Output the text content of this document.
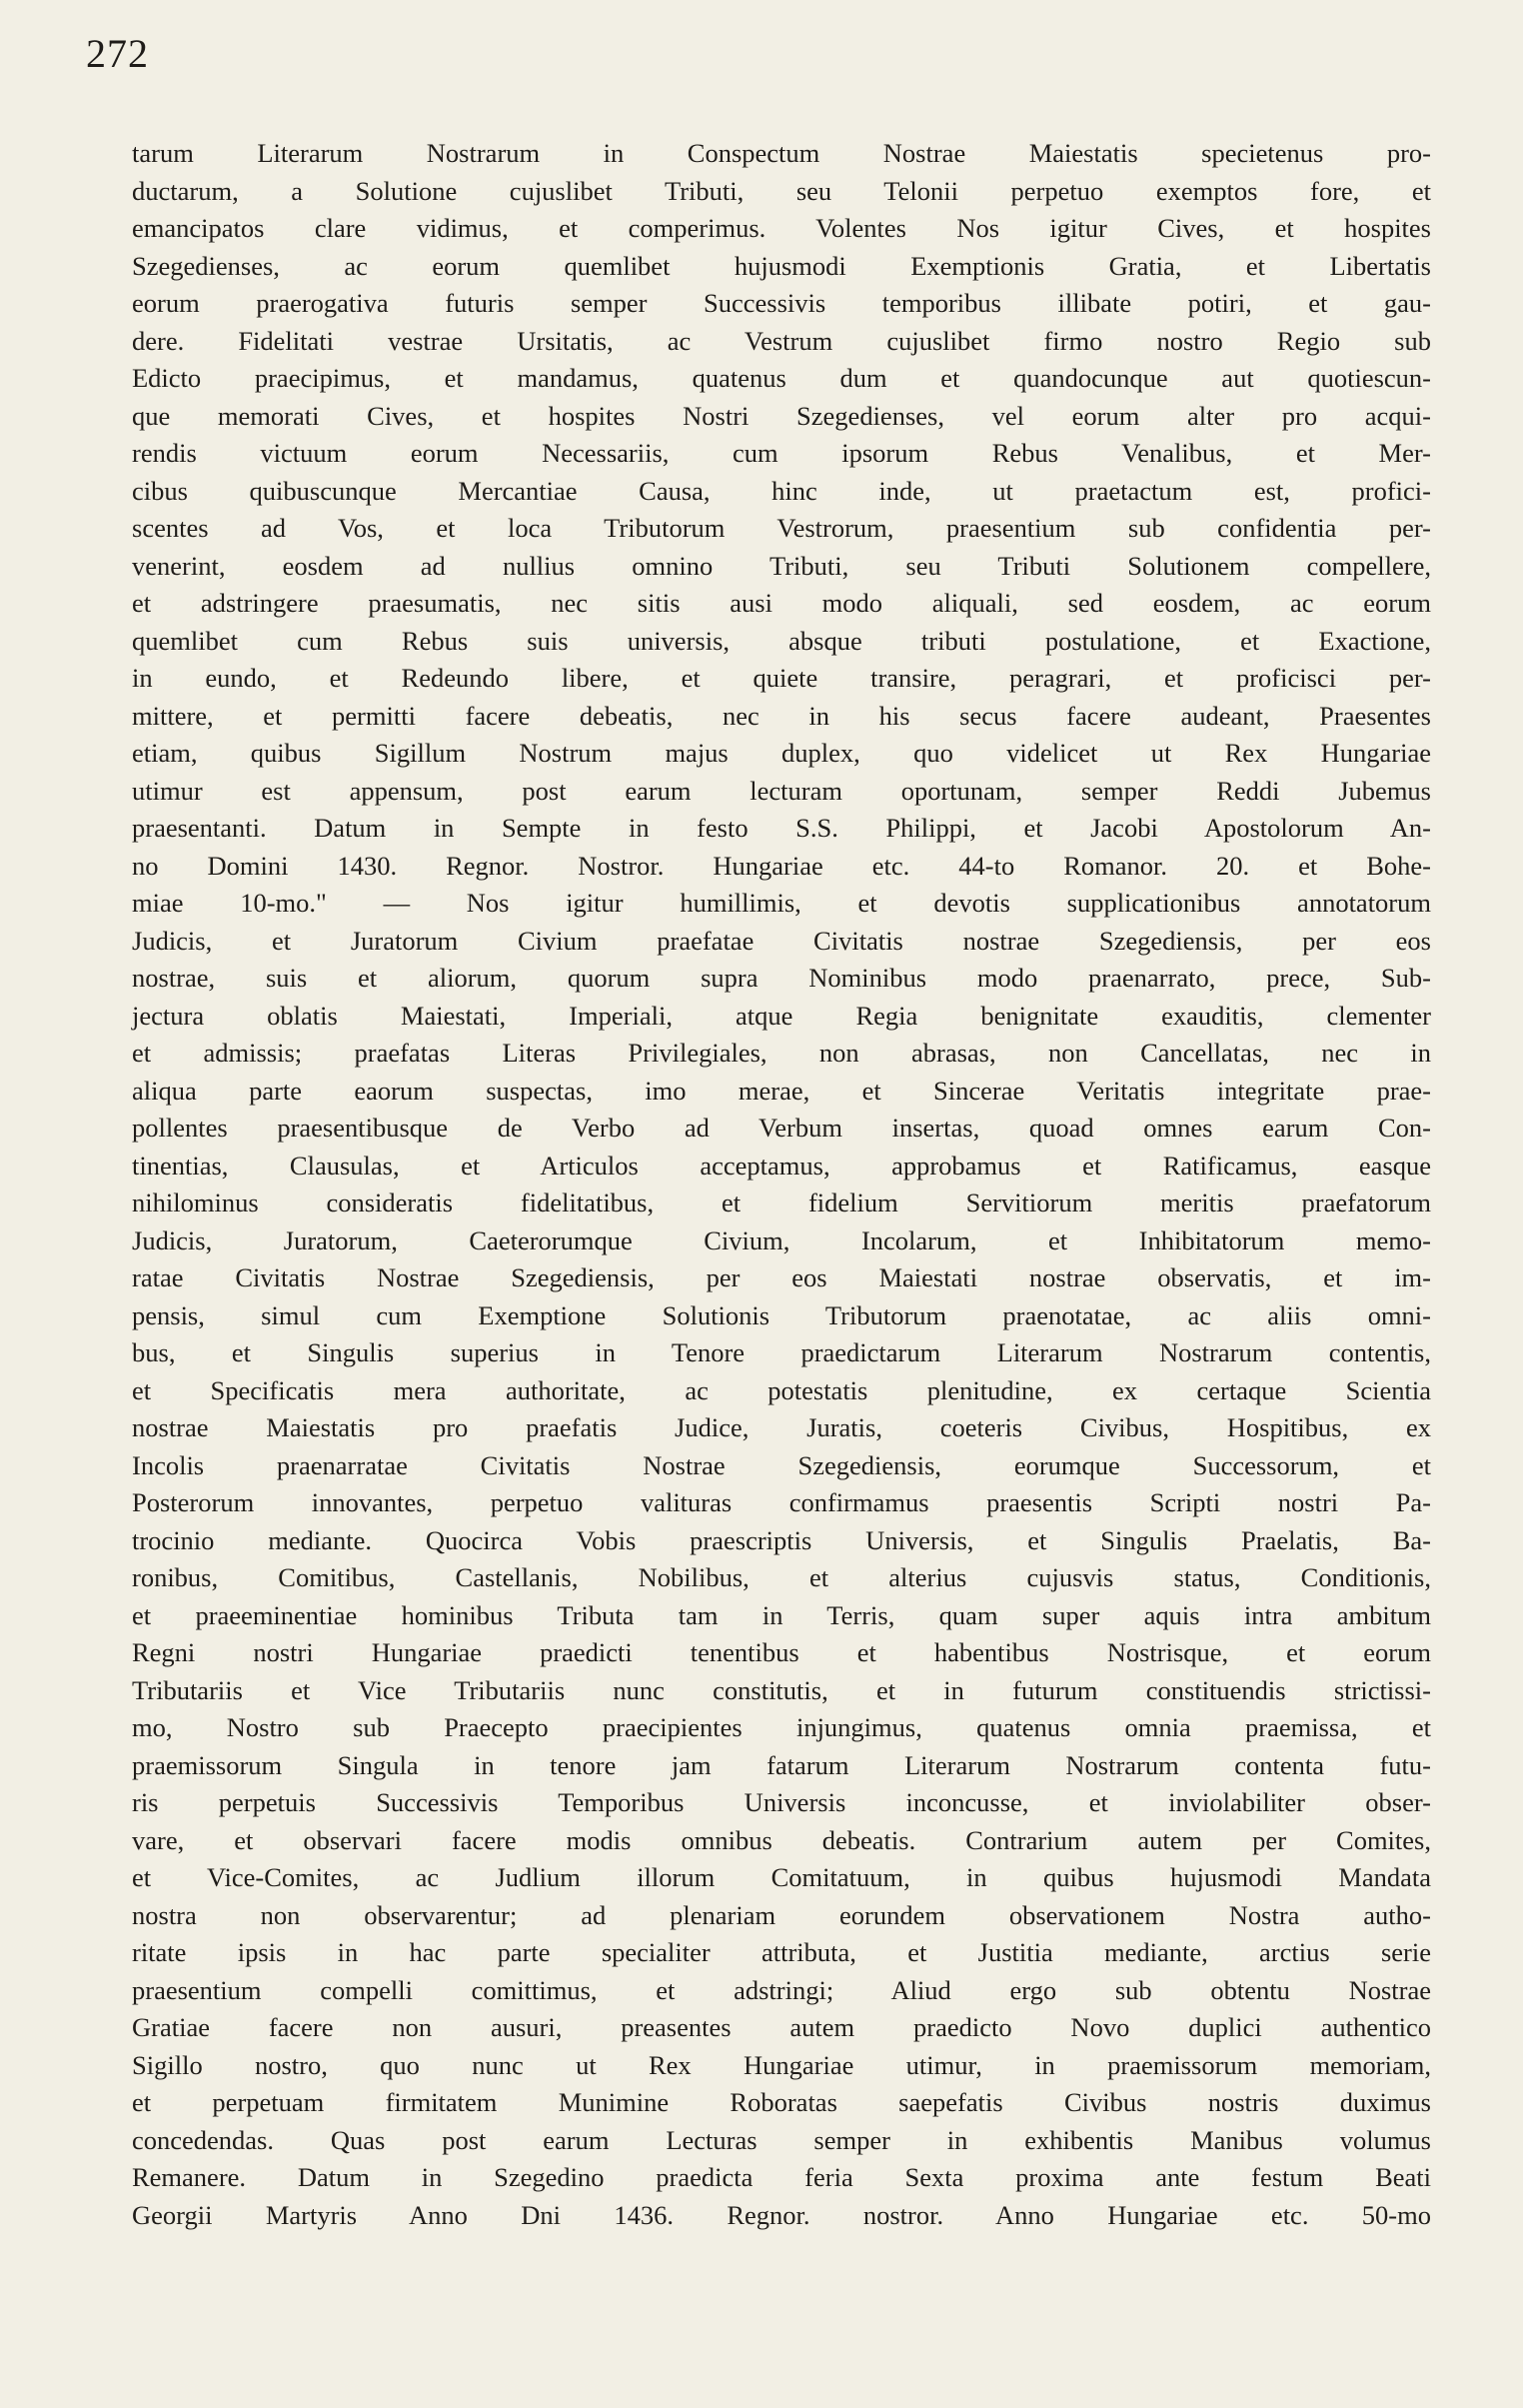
272
tarum Literarum Nostrarum in Conspectum Nostrae Maiestatis specietenus pro-
ductarum, a Solutione cujuslibet Tributi, seu Telonii perpetuo exemptos fore, et
emancipatos clare vidimus, et comperimus. Volentes Nos igitur Cives, et hospites
Szegedienses, ac eorum quemlibet hujusmodi Exemptionis Gratia, et Libertatis
eorum praerogativa futuris semper Successivis temporibus illibate potiri, et gau-
dere. Fidelitati vestrae Ursitatis, ac Vestrum cujuslibet firmo nostro Regio sub
Edicto praecipimus, et mandamus, quatenus dum et quandocunque aut quotiescun-
que memorati Cives, et hospites Nostri Szegedienses, vel eorum alter pro acqui-
rendis victuum eorum Necessariis, cum ipsorum Rebus Venalibus, et Mer-
cibus quibuscunque Mercantiae Causa, hinc inde, ut praetactum est, profici-
scentes ad Vos, et loca Tributorum Vestrorum, praesentium sub confidentia per-
venerint, eosdem ad nullius omnino Tributi, seu Tributi Solutionem compellere,
et adstringere praesumatis, nec sitis ausi modo aliquali, sed eosdem, ac eorum
quemlibet cum Rebus suis universis, absque tributi postulatione, et Exactione,
in eundo, et Redeundo libere, et quiete transire, peragrari, et proficisci per-
mittere, et permitti facere debeatis, nec in his secus facere audeant, Praesentes
etiam, quibus Sigillum Nostrum majus duplex, quo videlicet ut Rex Hungariae
utimur est appensum, post earum lecturam oportunam, semper Reddi Jubemus
praesentanti. Datum in Sempte in festo S.S. Philippi, et Jacobi Apostolorum An-
no Domini 1430. Regnor. Nostror. Hungariae etc. 44-to Romanor. 20. et Bohe-
miae 10-mo." — Nos igitur humillimis, et devotis supplicationibus annotatorum
Judicis, et Juratorum Civium praefatae Civitatis nostrae Szegediensis, per eos
nostrae, suis et aliorum, quorum supra Nominibus modo praenarrato, prece, Sub-
jectura oblatis Maiestati, Imperiali, atque Regia benignitate exauditis, clementer
et admissis; praefatas Literas Privilegiales, non abrasas, non Cancellatas, nec in
aliqua parte eaorum suspectas, imo merae, et Sincerae Veritatis integritate prae-
pollentes praesentibusque de Verbo ad Verbum insertas, quoad omnes earum Con-
tinentias, Clausulas, et Articulos acceptamus, approbamus et Ratificamus, easque
nihilominus consideratis fidelitatibus, et fidelium Servitiorum meritis praefatorum
Judicis, Juratorum, Caeterorumque Civium, Incolarum, et Inhibitatorum memo-
ratae Civitatis Nostrae Szegediensis, per eos Maiestati nostrae observatis, et im-
pensis, simul cum Exemptione Solutionis Tributorum praenotatae, ac aliis omni-
bus, et Singulis superius in Tenore praedictarum Literarum Nostrarum contentis,
et Specificatis mera authoritate, ac potestatis plenitudine, ex certaque Scientia
nostrae Maiestatis pro praefatis Judice, Juratis, coeteris Civibus, Hospitibus, ex
Incolis praenarratae Civitatis Nostrae Szegediensis, eorumque Successorum, et
Posterorum innovantes, perpetuo valituras confirmamus praesentis Scripti nostri Pa-
trocinio mediante. Quocirca Vobis praescriptis Universis, et Singulis Praelatis, Ba-
ronibus, Comitibus, Castellanis, Nobilibus, et alterius cujusvis status, Conditionis,
et praeeminentiae hominibus Tributa tam in Terris, quam super aquis intra ambitum
Regni nostri Hungariae praedicti tenentibus et habentibus Nostrisque, et eorum
Tributariis et Vice Tributariis nunc constitutis, et in futurum constituendis strictissi-
mo, Nostro sub Praecepto praecipientes injungimus, quatenus omnia praemissa, et
praemissorum Singula in tenore jam fatarum Literarum Nostrarum contenta futu-
ris perpetuis Successivis Temporibus Universis inconcusse, et inviolabiliter obser-
vare, et observari facere modis omnibus debeatis. Contrarium autem per Comites,
et Vice-Comites, ac Judlium illorum Comitatuum, in quibus hujusmodi Mandata
nostra non observarentur; ad plenariam eorundem observationem Nostra autho-
ritate ipsis in hac parte specialiter attributa, et Justitia mediante, arctius serie
praesentium compelli comittimus, et adstringi; Aliud ergo sub obtentu Nostrae
Gratiae facere non ausuri, preasentes autem praedicto Novo duplici authentico
Sigillo nostro, quo nunc ut Rex Hungariae utimur, in praemissorum memoriam,
et perpetuam firmitatem Munimine Roboratas saepefatis Civibus nostris duximus
concedendas. Quas post earum Lecturas semper in exhibentis Manibus volumus
Remanere. Datum in Szegedino praedicta feria Sexta proxima ante festum Beati
Georgii Martyris Anno Dni 1436. Regnor. nostror. Anno Hungariae etc. 50-mo
